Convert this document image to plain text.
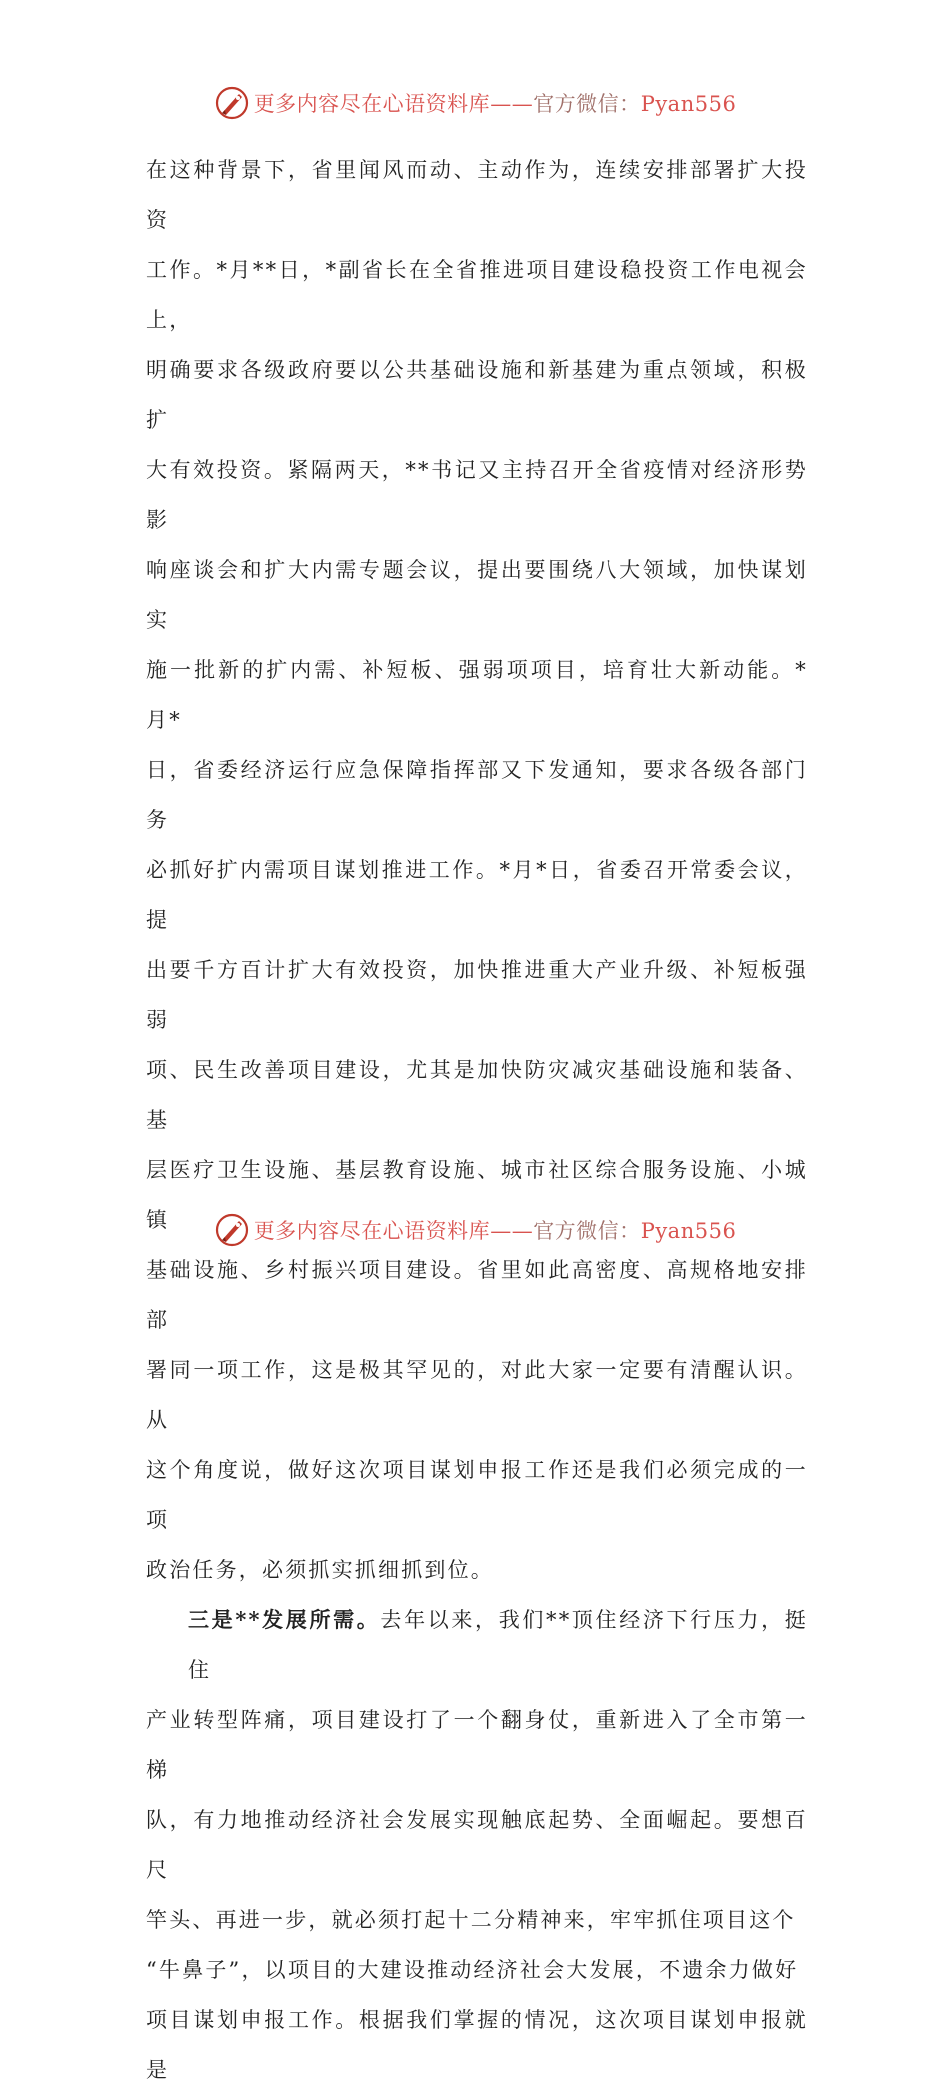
更多内容尽在心语资料库——官方微信：Pyan556

在这种背景下，省里闻风而动、主动作为，连续安排部署扩大投资

工作。*月**日，*副省长在全省推进项目建设稳投资工作电视会上，

明确要求各级政府要以公共基础设施和新基建为重点领域，积极扩

大有效投资。紧隔两天，**书记又主持召开全省疫情对经济形势影

响座谈会和扩大内需专题会议，提出要围绕八大领域，加快谋划实

施一批新的扩内需、补短板、强弱项项目，培育壮大新动能。*月*

日，省委经济运行应急保障指挥部又下发通知，要求各级各部门务

必抓好扩内需项目谋划推进工作。*月*日，省委召开常委会议，提

出要千方百计扩大有效投资，加快推进重大产业升级、补短板强弱

项、民生改善项目建设，尤其是加快防灾减灾基础设施和装备、基

层医疗卫生设施、基层教育设施、城市社区综合服务设施、小城镇

基础设施、乡村振兴项目建设。省里如此高密度、高规格地安排部

署同一项工作，这是极其罕见的，对此大家一定要有清醒认识。从

这个角度说，做好这次项目谋划申报工作还是我们必须完成的一项

政治任务，必须抓实抓细抓到位。

三是**发展所需。去年以来，我们**顶住经济下行压力，挺住

产业转型阵痛，项目建设打了一个翻身仗，重新进入了全市第一梯

队，有力地推动经济社会发展实现触底起势、全面崛起。要想百尺

竿头、再进一步，就必须打起十二分精神来，牢牢抓住项目这个

“牛鼻子”，以项目的大建设推动经济社会大发展，不遗余力做好

项目谋划申报工作。根据我们掌握的情况，这次项目谋划申报就是

更多内容尽在心语资料库——官方微信：Pyan556
